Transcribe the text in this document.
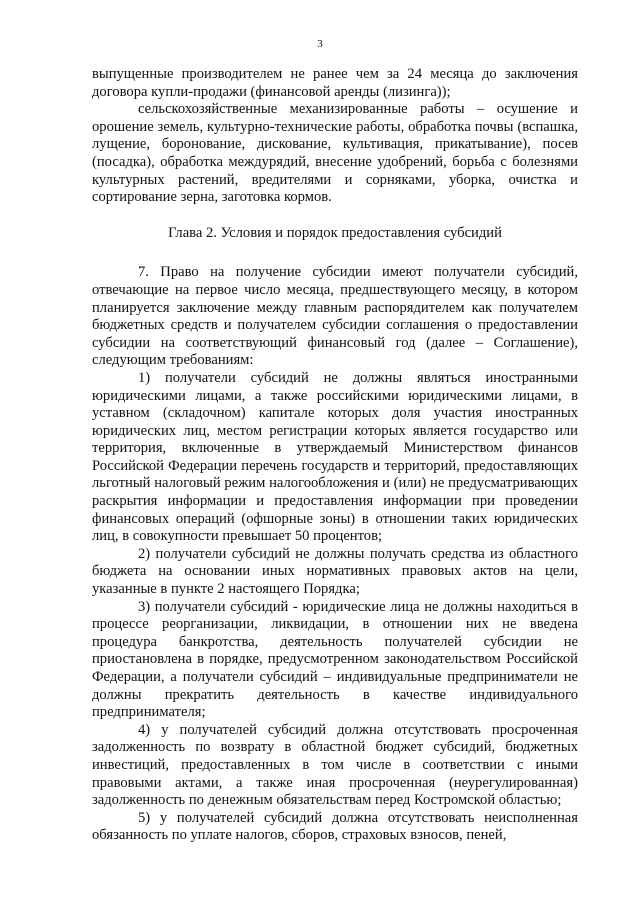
3

выпущенные производителем не ранее чем за 24 месяца до заключения договора купли-продажи (финансовой аренды (лизинга));

сельскохозяйственные механизированные работы – осушение и орошение земель, культурно-технические работы, обработка почвы (вспашка, лущение, боронование, дискование, культивация, прикатывание), посев (посадка), обработка междурядий, внесение удобрений, борьба с болезнями культурных растений, вредителями и сорняками, уборка, очистка и сортирование зерна, заготовка кормов.

Глава 2. Условия и порядок предоставления субсидий

7. Право на получение субсидии имеют получатели субсидий, отвечающие на первое число месяца, предшествующего месяцу, в котором планируется заключение между главным распорядителем как получателем бюджетных средств и получателем субсидии соглашения о предоставлении субсидии на соответствующий финансовый год (далее – Соглашение), следующим требованиям:

1) получатели субсидий не должны являться иностранными юридическими лицами, а также российскими юридическими лицами, в уставном (складочном) капитале которых доля участия иностранных юридических лиц, местом регистрации которых является государство или территория, включенные в утверждаемый Министерством финансов Российской Федерации перечень государств и территорий, предоставляющих льготный налоговый режим налогообложения и (или) не предусматривающих раскрытия информации и предоставления информации при проведении финансовых операций (офшорные зоны) в отношении таких юридических лиц, в совокупности превышает 50 процентов;

2) получатели субсидий не должны получать средства из областного бюджета на основании иных нормативных правовых актов на цели, указанные в пункте 2 настоящего Порядка;

3) получатели субсидий - юридические лица не должны находиться в процессе реорганизации, ликвидации, в отношении них не введена процедура банкротства, деятельность получателей субсидии не приостановлена в порядке, предусмотренном законодательством Российской Федерации, а получатели субсидий – индивидуальные предприниматели не должны прекратить деятельность в качестве индивидуального предпринимателя;

4) у получателей субсидий должна отсутствовать просроченная задолженность по возврату в областной бюджет субсидий, бюджетных инвестиций, предоставленных в том числе в соответствии с иными правовыми актами, а также иная просроченная (неурегулированная) задолженность по денежным обязательствам перед Костромской областью;

5) у получателей субсидий должна отсутствовать неисполненная обязанность по уплате налогов, сборов, страховых взносов, пеней,
